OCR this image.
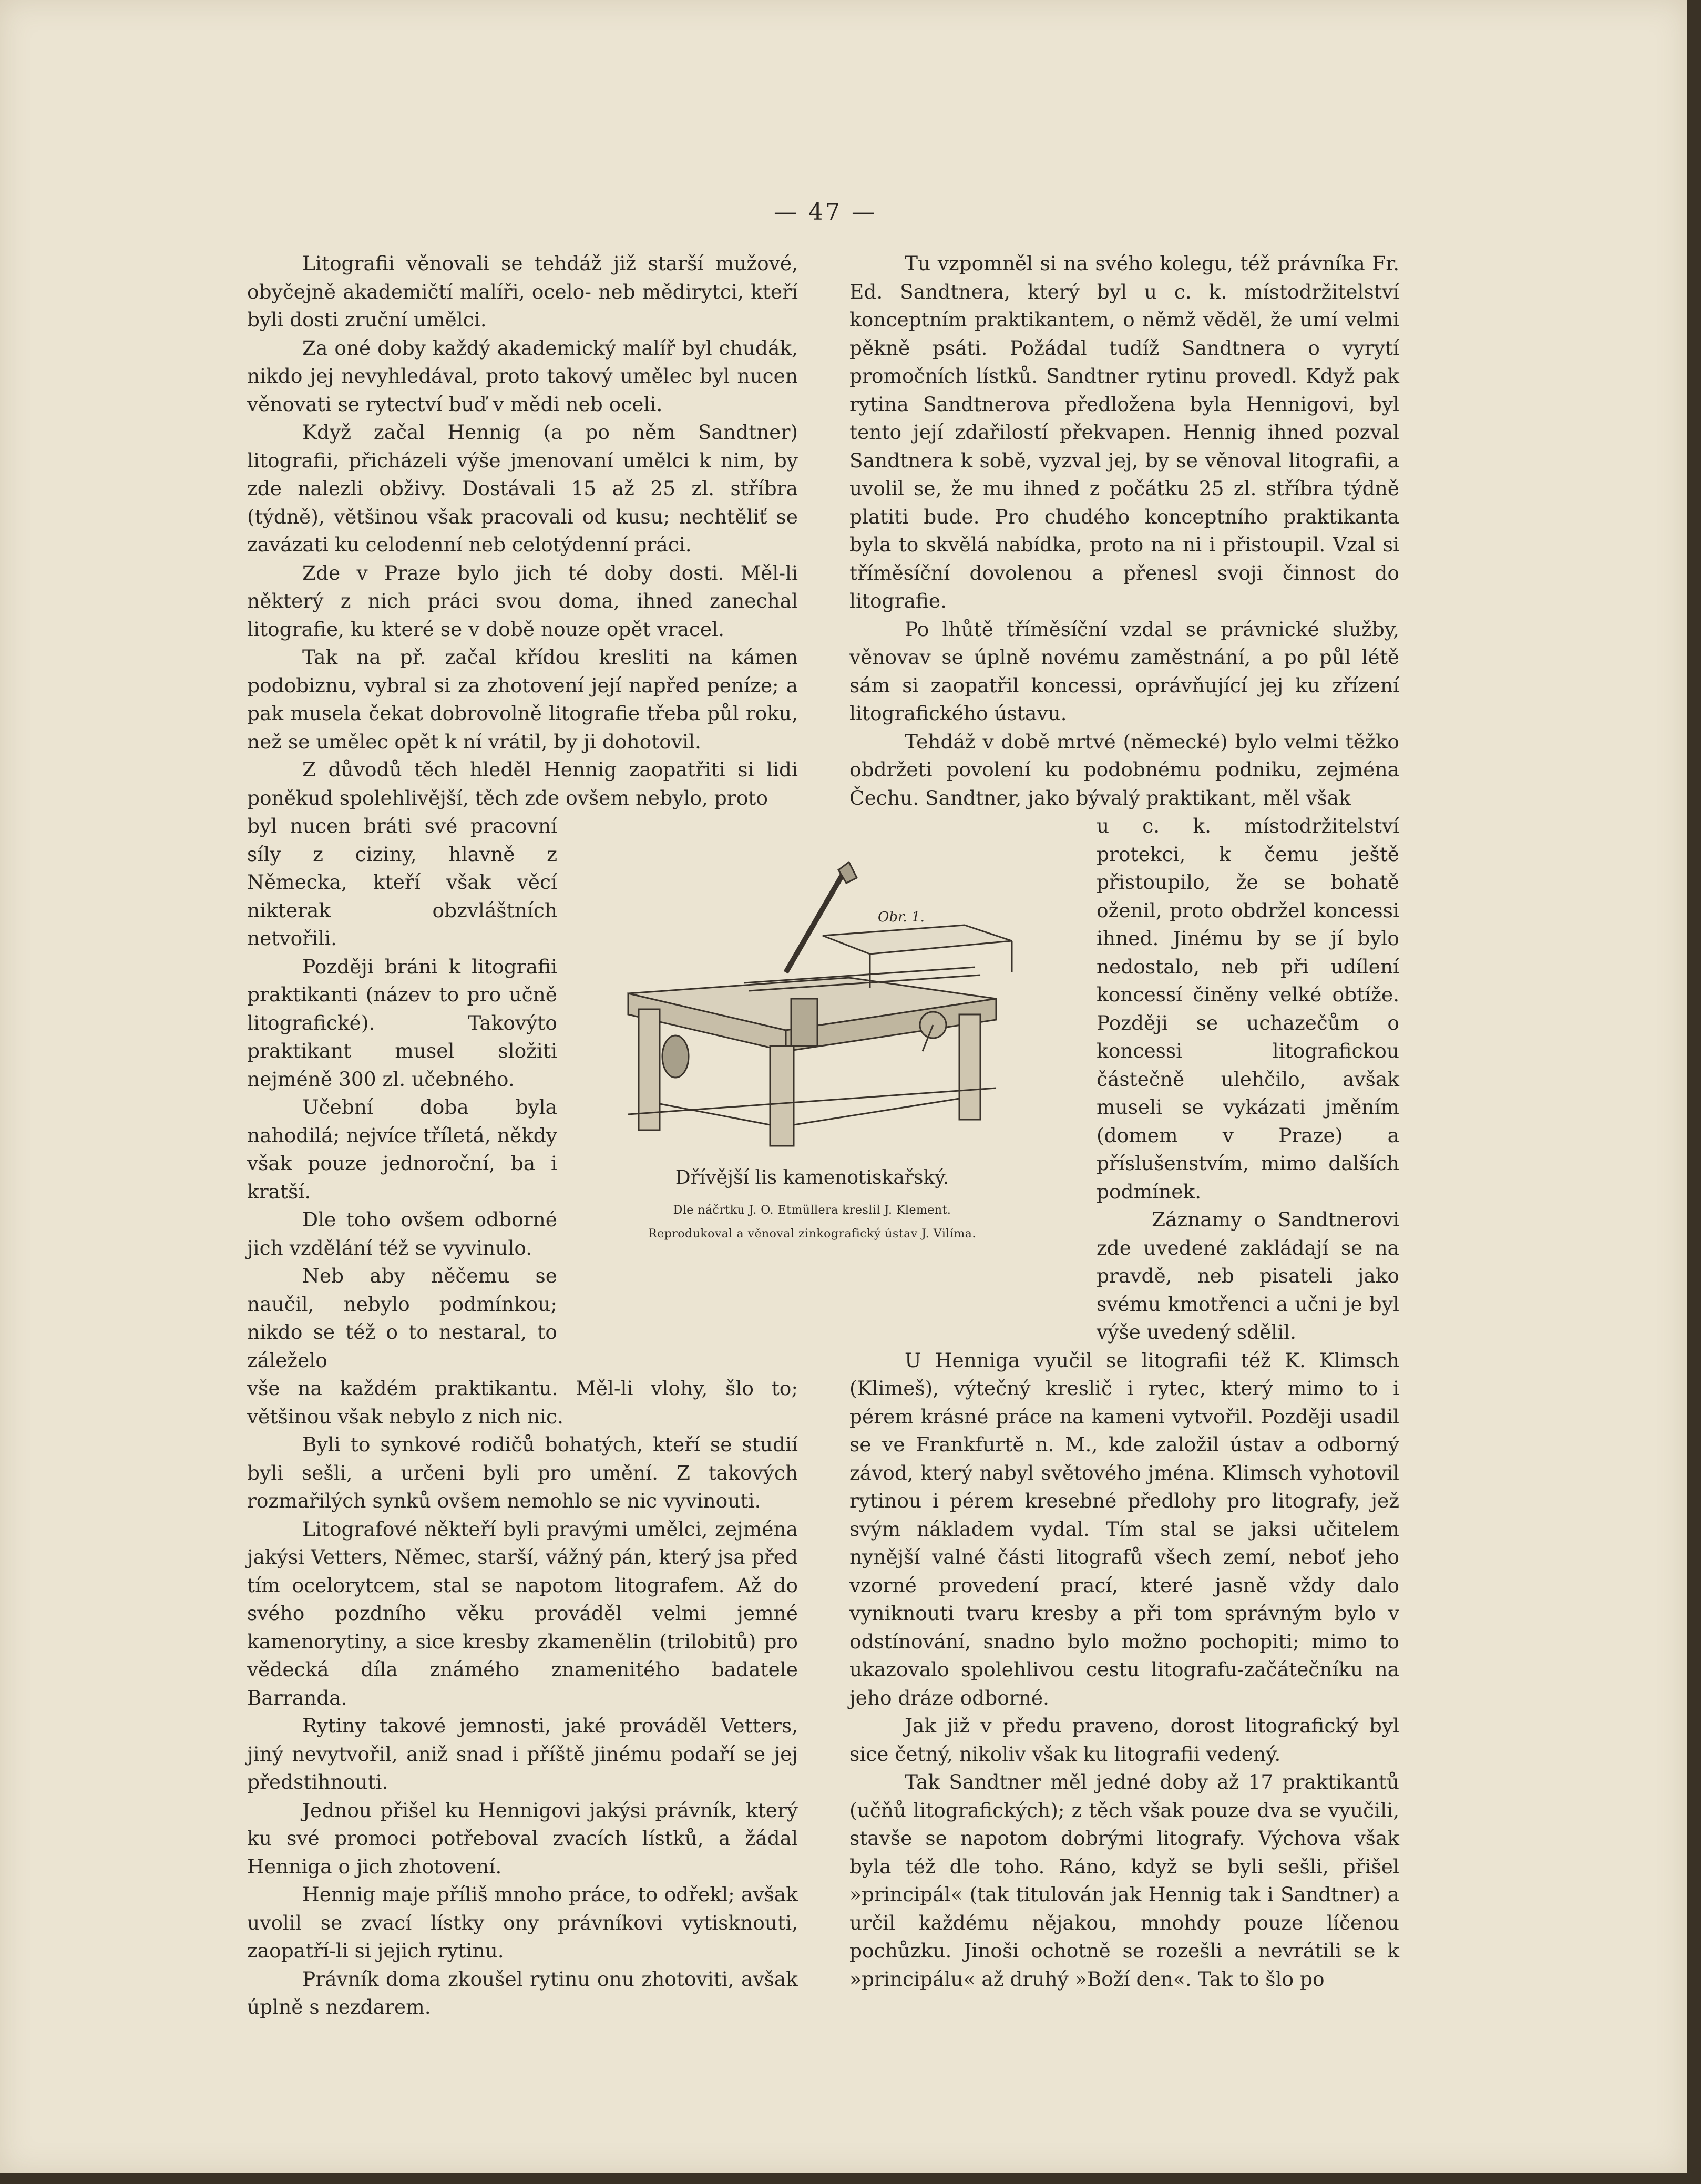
— 47 —

Litografii věnovali se tehdáž již starší mužové, obyčejně akademičtí malíři, ocelo- neb mědirytci, kteří byli dosti zruční umělci.

Za oné doby každý akademický malíř byl chudák, nikdo jej nevyhledával, proto takový umělec byl nucen věnovati se rytectví buď v mědi neb oceli.

Když začal Hennig (a po něm Sandtner) litografii, přicházeli výše jmenovaní umělci k nim, by zde nalezli obživy. Dostávali 15 až 25 zl. stříbra (týdně), většinou však pracovali od kusu; nechtěliť se zavázati ku celodenní neb celotýdenní práci.

Zde v Praze bylo jich té doby dosti. Měl-li některý z nich práci svou doma, ihned zanechal litografie, ku které se v době nouze opět vracel.

Tak na př. začal křídou kresliti na kámen podobiznu, vybral si za zhotovení její napřed peníze; a pak musela čekat dobrovolně litografie třeba půl roku, než se umělec opět k ní vrátil, by ji dohotovil.

Z důvodů těch hleděl Hennig zaopatřiti si lidi poněkud spolehlivější, těch zde ovšem nebylo, proto

byl nucen bráti své pracovní síly z ciziny, hlavně z Německa, kteří však věcí nikterak obzvláštních netvořili.

Později bráni k litografii praktikanti (název to pro učně litografické). Takovýto praktikant musel složiti nejméně 300 zl. učebného.

Učební doba byla nahodilá; nejvíce tříletá, někdy však pouze jednoroční, ba i kratší.

Dle toho ovšem odborné jich vzdělání též se vyvinulo.

Neb aby něčemu se naučil, nebylo podmínkou; nikdo se též o to nestaral, to záleželo

vše na každém praktikantu. Měl-li vlohy, šlo to; většinou však nebylo z nich nic.

Byli to synkové rodičů bohatých, kteří se studií byli sešli, a určeni byli pro umění. Z takových rozmařilých synků ovšem nemohlo se nic vyvinouti.

Litografové někteří byli pravými umělci, zejména jakýsi Vetters, Němec, starší, vážný pán, který jsa před tím ocelorytcem, stal se napotom litografem. Až do svého pozdního věku prováděl velmi jemné kamenorytiny, a sice kresby zkamenělin (trilobitů) pro vědecká díla známého znamenitého badatele Barranda.

Rytiny takové jemnosti, jaké prováděl Vetters, jiný nevytvořil, aniž snad i příště jinému podaří se jej předstihnouti.

Jednou přišel ku Hennigovi jakýsi právník, který ku své promoci potřeboval zvacích lístků, a žádal Henniga o jich zhotovení.

Hennig maje příliš mnoho práce, to odřekl; avšak uvolil se zvací lístky ony právníkovi vytisknouti, zaopatří-li si jejich rytinu.

Právník doma zkoušel rytinu onu zhotoviti, avšak úplně s nezdarem.

Tu vzpomněl si na svého kolegu, též právníka Fr. Ed. Sandtnera, který byl u c. k. místodržitelství konceptním praktikantem, o němž věděl, že umí velmi pěkně psáti. Požádal tudíž Sandtnera o vyrytí promočních lístků. Sandtner rytinu provedl. Když pak rytina Sandtnerova předložena byla Hennigovi, byl tento její zdařilostí překvapen. Hennig ihned pozval Sandtnera k sobě, vyzval jej, by se věnoval litografii, a uvolil se, že mu ihned z počátku 25 zl. stříbra týdně platiti bude. Pro chudého konceptního praktikanta byla to skvělá nabídka, proto na ni i přistoupil. Vzal si tříměsíční dovolenou a přenesl svoji činnost do litografie.

Po lhůtě tříměsíční vzdal se právnické služby, věnovav se úplně novému zaměstnání, a po půl létě sám si zaopatřil koncessi, oprávňující jej ku zřízení litografického ústavu.

Tehdáž v době mrtvé (německé) bylo velmi těžko obdržeti povolení ku podobnému podniku, zejména Čechu. Sandtner, jako bývalý praktikant, měl však

u c. k. místodržitelství protekci, k čemu ještě přistoupilo, že se bohatě oženil, proto obdržel koncessi ihned. Jinému by se jí bylo nedostalo, neb při udílení koncessí činěny velké obtíže. Později se uchazečům o koncessi litografickou částečně ulehčilo, avšak museli se vykázati jměním (domem v Praze) a příslušenstvím, mimo dalších podmínek.

Záznamy o Sandtnerovi zde uvedené zakládají se na pravdě, neb pisateli jako svému kmotřenci a učni je byl výše uvedený sdělil.

U Henniga vyučil se litografii též K. Klimsch (Klimeš), výtečný kreslič i rytec, který mimo to i pérem krásné práce na kameni vytvořil. Později usadil se ve Frankfurtě n. M., kde založil ústav a odborný závod, který nabyl světového jména. Klimsch vyhotovil rytinou i pérem kresebné předlohy pro litografy, jež svým nákladem vydal. Tím stal se jaksi učitelem nynější valné části litografů všech zemí, neboť jeho vzorné provedení prací, které jasně vždy dalo vyniknouti tvaru kresby a při tom správným bylo v odstínování, snadno bylo možno pochopiti; mimo to ukazovalo spolehlivou cestu litografu-začátečníku na jeho dráze odborné.

Jak již v předu praveno, dorost litografický byl sice četný, nikoliv však ku litografii vedený.

Tak Sandtner měl jedné doby až 17 praktikantů (učňů litografických); z těch však pouze dva se vyučili, stavše se napotom dobrými litografy. Výchova však byla též dle toho. Ráno, když se byli sešli, přišel »principál« (tak titulován jak Hennig tak i Sandtner) a určil každému nějakou, mnohdy pouze líčenou pochůzku. Jinoši ochotně se rozešli a nevrátili se k »principálu« až druhý »Boží den«. Tak to šlo po

Obr. 1.
Dřívější lis kamenotiskařský.
Dle náčrtku J. O. Etmüllera kreslil J. Klement.
Reprodukoval a věnoval zinkografický ústav J. Vilíma.
